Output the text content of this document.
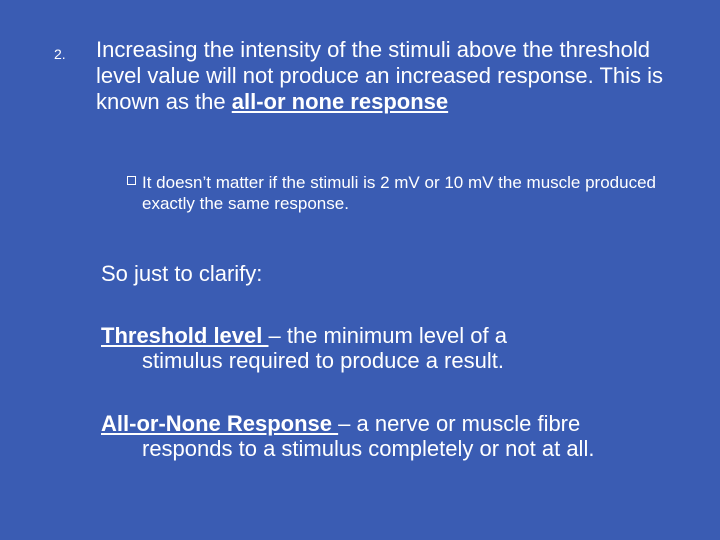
2. Increasing the intensity of the stimuli above the threshold level value will not produce an increased response. This is known as the all-or none response
It doesn’t matter if the stimuli is 2 mV or 10 mV the muscle produced exactly the same response.
So just to clarify:
Threshold level – the minimum level of a
stimulus required to produce a result.
All-or-None Response – a nerve or muscle fibre
responds to a stimulus completely or not at all.
